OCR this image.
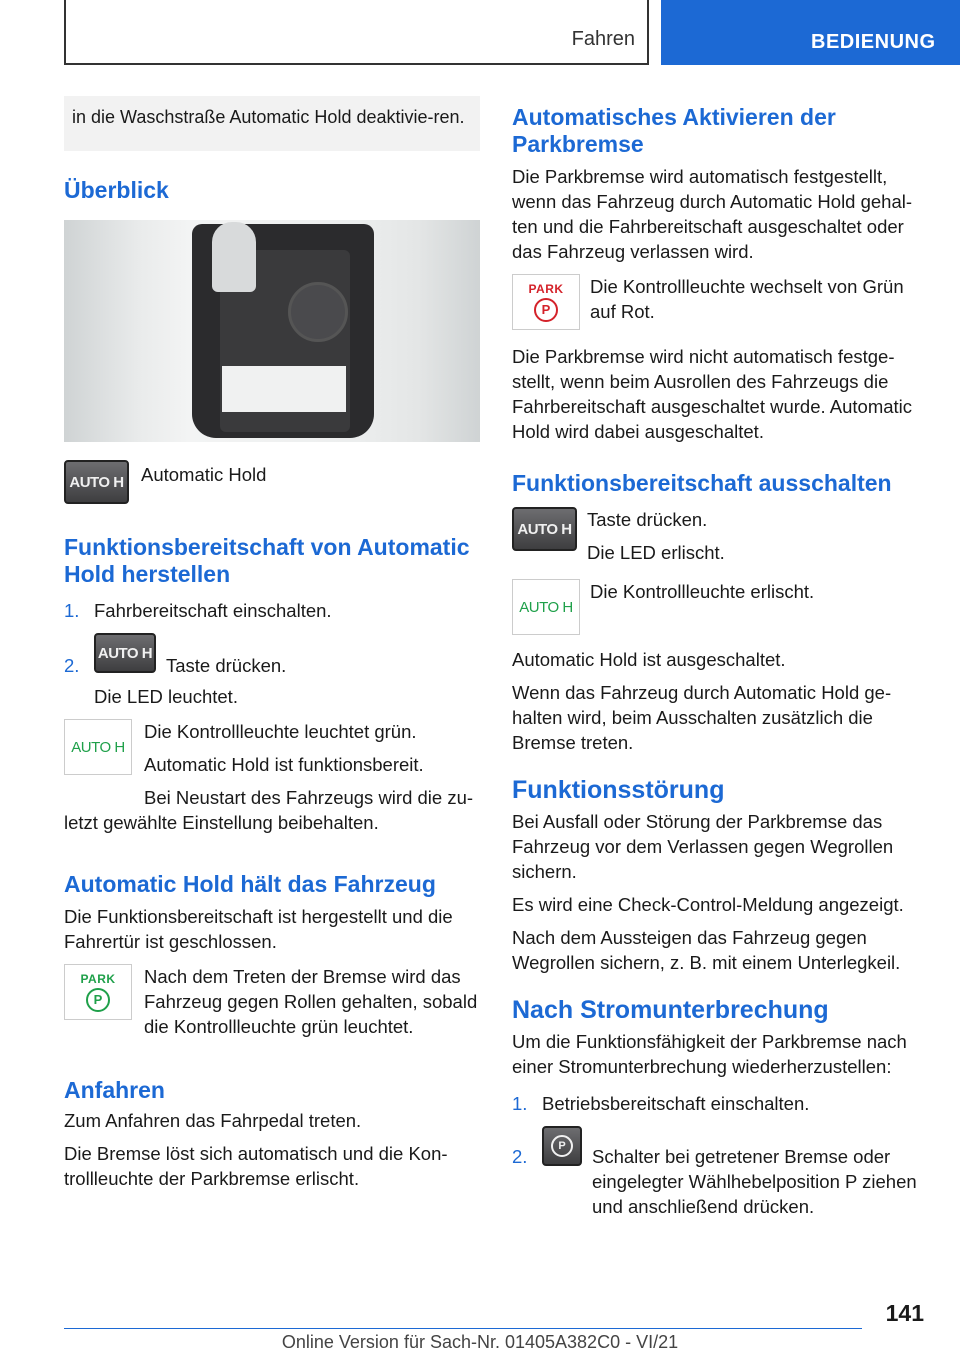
Fahren	BEDIENUNG
in die Waschstraße Automatic Hold deaktivie-ren.
Überblick
AUTO H Automatic Hold

Funktionsbereitschaft von Automatic Hold herstellen
1. Fahrbereitschaft einschalten.

2.
AUTO H

Taste drücken.

Die LED leuchtet.

AUTO H

Die Kontrollleuchte leuchtet grün.

Automatic Hold ist funktionsbereit.

Bei Neustart des Fahrzeugs wird die zu-

letzt gewählte Einstellung beibehalten.

Automatic Hold hält das Fahrzeug

Die Funktionsbereitschaft ist hergestellt und die Fahrertür ist geschlossen.

PARK
P

Nach dem Treten der Bremse wird das Fahrzeug gegen Rollen gehalten, sobald die Kontrollleuchte grün leuchtet.

Anfahren

Zum Anfahren das Fahrpedal treten.

Die Bremse löst sich automatisch und die Kon-trollleuchte der Parkbremse erlischt.

Automatisches Aktivieren der Parkbremse

Die Parkbremse wird automatisch festgestellt, wenn das Fahrzeug durch Automatic Hold gehal-ten und die Fahrbereitschaft ausgeschaltet oder das Fahrzeug verlassen wird.

PARK
P

Die Kontrollleuchte wechselt von Grün auf Rot.

Die Parkbremse wird nicht automatisch festge-stellt, wenn beim Ausrollen des Fahrzeugs die Fahrbereitschaft ausgeschaltet wurde. Automatic Hold wird dabei ausgeschaltet.

Funktionsbereitschaft ausschalten
AUTO H Taste drücken.

Die LED erlischt.

AUTO H

Die Kontrollleuchte erlischt.

Automatic Hold ist ausgeschaltet.

Wenn das Fahrzeug durch Automatic Hold ge-halten wird, beim Ausschalten zusätzlich die Bremse treten.

Funktionsstörung

Bei Ausfall oder Störung der Parkbremse das Fahrzeug vor dem Verlassen gegen Wegrollen sichern.

Es wird eine Check-Control-Meldung angezeigt.

Nach dem Aussteigen das Fahrzeug gegen Wegrollen sichern, z. B. mit einem Unterlegkeil.

Nach Stromunterbrechung

Um die Funktionsfähigkeit der Parkbremse nach einer Stromunterbrechung wiederherzustellen:

1. Betriebsbereitschaft einschalten.

2.	P	Schalter bei getretener Bremse oder eingelegter Wählhebelposition P ziehen und anschließend drücken.

141
Online Version für Sach-Nr. 01405A382C0 - VI/21
